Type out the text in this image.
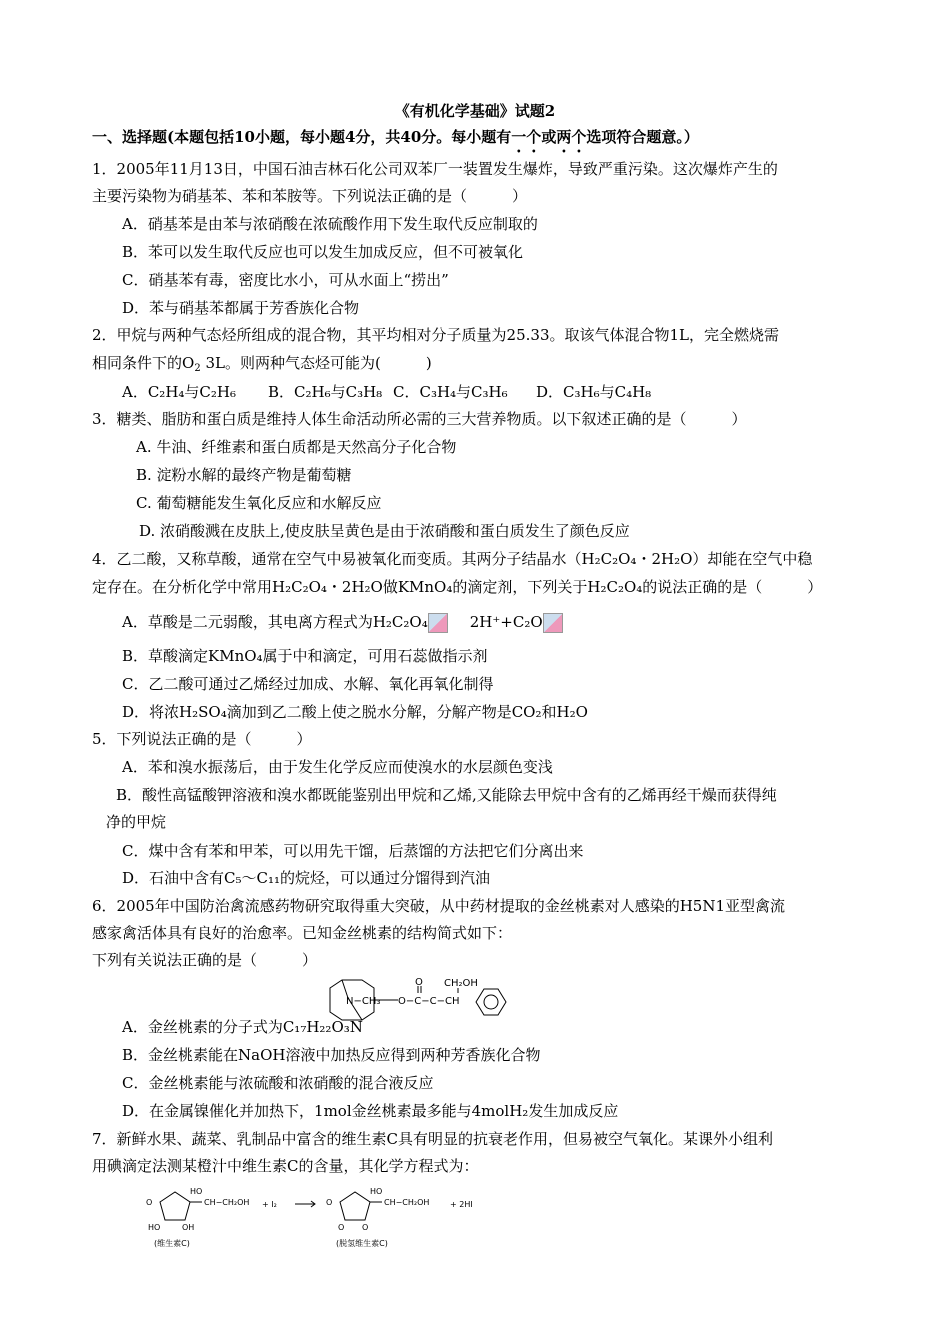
《有机化学基础》试题2
一、选择题(本题包括10小题，每小题4分，共40分。每小题有一个或两个选项符合题意。）
1．2005年11月13日，中国石油吉林石化公司双苯厂一装置发生爆炸，导致严重污染。这次爆炸产生的
主要污染物为硝基苯、苯和苯胺等。下列说法正确的是（　　　）
A．硝基苯是由苯与浓硝酸在浓硫酸作用下发生取代反应制取的
B．苯可以发生取代反应也可以发生加成反应，但不可被氧化
C．硝基苯有毒，密度比水小，可从水面上“捞出”
D．苯与硝基苯都属于芳香族化合物
2．甲烷与两种气态烃所组成的混合物，其平均相对分子质量为25.33。取该气体混合物1L，完全燃烧需
相同条件下的$O_2$ 3L。则两种气态烃可能为(　　　)
A．C₂H₄与C₂H₆ B．C₂H₆与C₃H₈ C．C₃H₄与C₃H₆ D．C₃H₆与C₄H₈
3．糖类、脂肪和蛋白质是维持人体生命活动所必需的三大营养物质。以下叙述正确的是（　　　）
A. 牛油、纤维素和蛋白质都是天然高分子化合物
B. 淀粉水解的最终产物是葡萄糖
C. 葡萄糖能发生氧化反应和水解反应
D. 浓硝酸溅在皮肤上,使皮肤呈黄色是由于浓硝酸和蛋白质发生了颜色反应
4．乙二酸，又称草酸，通常在空气中易被氧化而变质。其两分子结晶水（H₂C₂O₄・2H₂O）却能在空气中稳
定存在。在分析化学中常用H₂C₂O₄・2H₂O做KMnO₄的滴定剂，下列关于H₂C₂O₄的说法正确的是（　　　）
A．草酸是二元弱酸，其电离方程式为H₂C₂O₄	2H⁺+C₂O
B．草酸滴定KMnO₄属于中和滴定，可用石蕊做指示剂
C．乙二酸可通过乙烯经过加成、水解、氧化再氧化制得
D．将浓H₂SO₄滴加到乙二酸上使之脱水分解，分解产物是CO₂和H₂O
5．下列说法正确的是（　　　）
A．苯和溴水振荡后，由于发生化学反应而使溴水的水层颜色变浅
B．酸性高锰酸钾溶液和溴水都既能鉴别出甲烷和乙烯,又能除去甲烷中含有的乙烯再经干燥而获得纯
净的甲烷
C．煤中含有苯和甲苯，可以用先干馏，后蒸馏的方法把它们分离出来
D．石油中含有C₅～C₁₁的烷烃，可以通过分馏得到汽油
6．2005年中国防治禽流感药物研究取得重大突破，从中药材提取的金丝桃素对人感染的H5N1亚型禽流
感家禽活体具有良好的治愈率。已知金丝桃素的结构简式如下：
下列有关说法正确的是（　　　）
N−CH₃ O−C−C−CH
O CH₂OH
A．金丝桃素的分子式为C₁₇H₂₂O₃N
B．金丝桃素能在NaOH溶液中加热反应得到两种芳香族化合物
C．金丝桃素能与浓硫酸和浓硝酸的混合液反应
D．在金属镍催化并加热下，1mol金丝桃素最多能与4molH₂发生加成反应
7．新鲜水果、蔬菜、乳制品中富含的维生素C具有明显的抗衰老作用，但易被空气氧化。某课外小组利
用碘滴定法测某橙汁中维生素C的含量，其化学方程式为：
O
HO
CH−CH₂OH
HO	OH
+ I₂	O
HO
CH−CH₂OH
O O
+ 2HI
(维生素C)	(脱氢维生素C)
